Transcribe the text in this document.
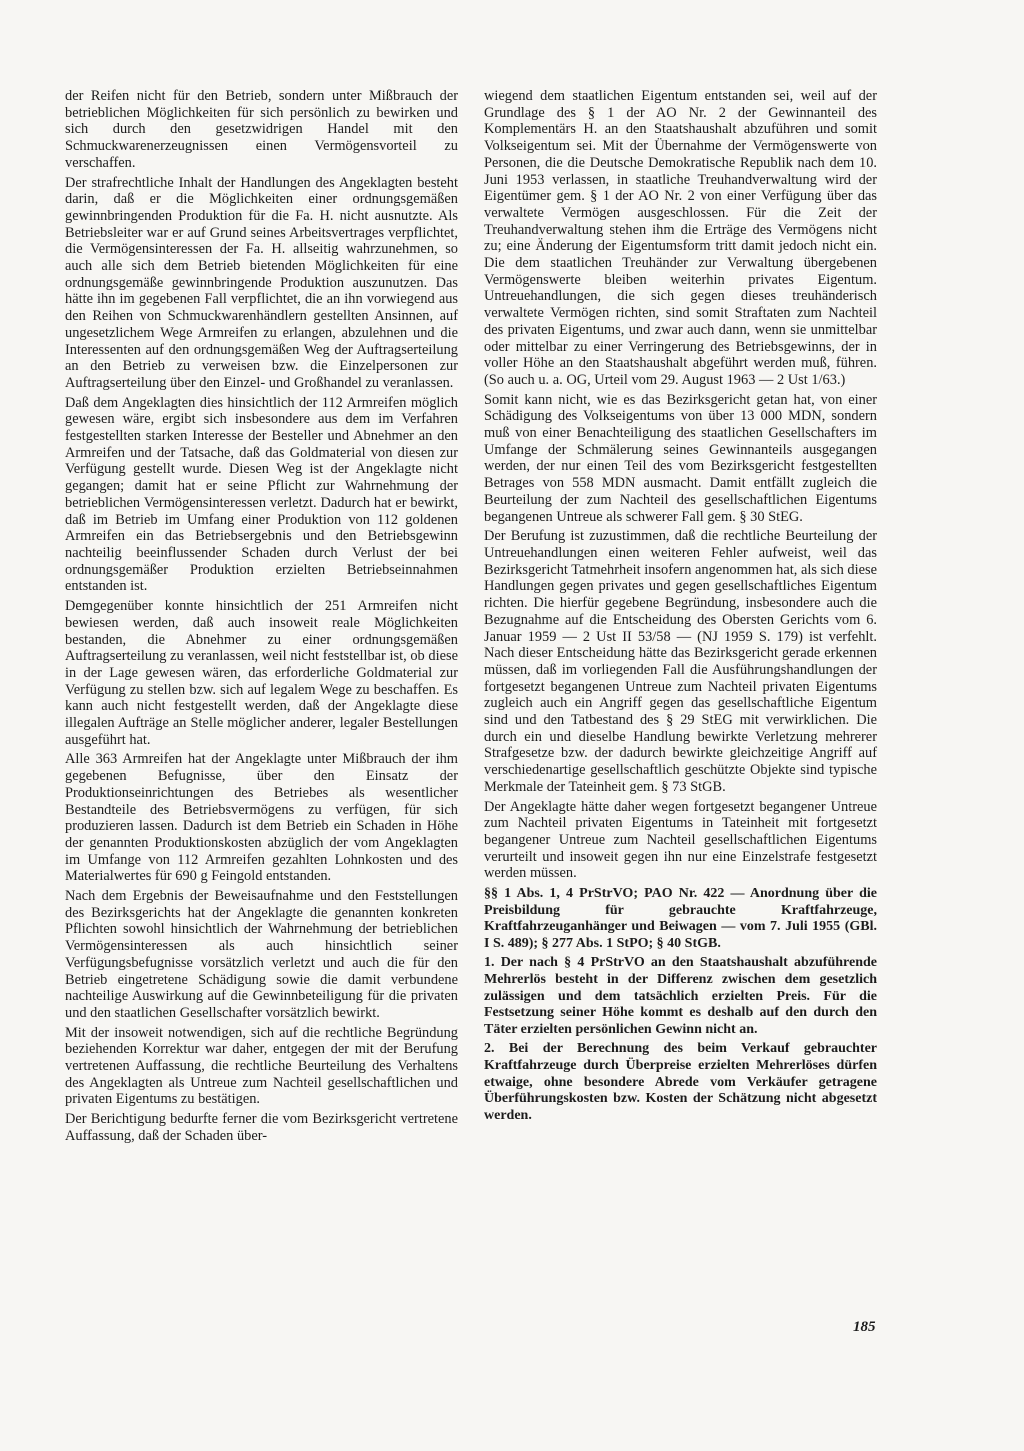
der Reifen nicht für den Betrieb, sondern unter Mißbrauch der betrieblichen Möglichkeiten für sich persönlich zu bewirken und sich durch den gesetzwidrigen Handel mit den Schmuckwarenerzeugnissen einen Vermögensvorteil zu verschaffen.

Der strafrechtliche Inhalt der Handlungen des Angeklagten besteht darin, daß er die Möglichkeiten einer ordnungsgemäßen gewinnbringenden Produktion für die Fa. H. nicht ausnutzte. Als Betriebsleiter war er auf Grund seines Arbeitsvertrages verpflichtet, die Vermögensinteressen der Fa. H. allseitig wahrzunehmen, so auch alle sich dem Betrieb bietenden Möglichkeiten für eine ordnungsgemäße gewinnbringende Produktion auszunutzen. Das hätte ihn im gegebenen Fall verpflichtet, die an ihn vorwiegend aus den Reihen von Schmuckwarenhändlern gestellten Ansinnen, auf ungesetzlichem Wege Armreifen zu erlangen, abzulehnen und die Interessenten auf den ordnungsgemäßen Weg der Auftragserteilung an den Betrieb zu verweisen bzw. die Einzelpersonen zur Auftragserteilung über den Einzel- und Großhandel zu veranlassen.

Daß dem Angeklagten dies hinsichtlich der 112 Armreifen möglich gewesen wäre, ergibt sich insbesondere aus dem im Verfahren festgestellten starken Interesse der Besteller und Abnehmer an den Armreifen und der Tatsache, daß das Goldmaterial von diesen zur Verfügung gestellt wurde. Diesen Weg ist der Angeklagte nicht gegangen; damit hat er seine Pflicht zur Wahrnehmung der betrieblichen Vermögensinteressen verletzt. Dadurch hat er bewirkt, daß im Betrieb im Umfang einer Produktion von 112 goldenen Armreifen ein das Betriebsergebnis und den Betriebsgewinn nachteilig beeinflussender Schaden durch Verlust der bei ordnungsgemäßer Produktion erzielten Betriebseinnahmen entstanden ist.

Demgegenüber konnte hinsichtlich der 251 Armreifen nicht bewiesen werden, daß auch insoweit reale Möglichkeiten bestanden, die Abnehmer zu einer ordnungsgemäßen Auftragserteilung zu veranlassen, weil nicht feststellbar ist, ob diese in der Lage gewesen wären, das erforderliche Goldmaterial zur Verfügung zu stellen bzw. sich auf legalem Wege zu beschaffen. Es kann auch nicht festgestellt werden, daß der Angeklagte diese illegalen Aufträge an Stelle möglicher anderer, legaler Bestellungen ausgeführt hat.

Alle 363 Armreifen hat der Angeklagte unter Mißbrauch der ihm gegebenen Befugnisse, über den Einsatz der Produktionseinrichtungen des Betriebes als wesentlicher Bestandteile des Betriebsvermögens zu verfügen, für sich produzieren lassen. Dadurch ist dem Betrieb ein Schaden in Höhe der genannten Produktionskosten abzüglich der vom Angeklagten im Umfange von 112 Armreifen gezahlten Lohnkosten und des Materialwertes für 690 g Feingold entstanden.

Nach dem Ergebnis der Beweisaufnahme und den Feststellungen des Bezirksgerichts hat der Angeklagte die genannten konkreten Pflichten sowohl hinsichtlich der Wahrnehmung der betrieblichen Vermögensinteressen als auch hinsichtlich seiner Verfügungsbefugnisse vorsätzlich verletzt und auch die für den Betrieb eingetretene Schädigung sowie die damit verbundene nachteilige Auswirkung auf die Gewinnbeteiligung für die privaten und den staatlichen Gesellschafter vorsätzlich bewirkt.

Mit der insoweit notwendigen, sich auf die rechtliche Begründung beziehenden Korrektur war daher, entgegen der mit der Berufung vertretenen Auffassung, die rechtliche Beurteilung des Verhaltens des Angeklagten als Untreue zum Nachteil gesellschaftlichen und privaten Eigentums zu bestätigen.

Der Berichtigung bedurfte ferner die vom Bezirksgericht vertretene Auffassung, daß der Schaden über-

wiegend dem staatlichen Eigentum entstanden sei, weil auf der Grundlage des § 1 der AO Nr. 2 der Gewinnanteil des Komplementärs H. an den Staatshaushalt abzuführen und somit Volkseigentum sei. Mit der Übernahme der Vermögenswerte von Personen, die die Deutsche Demokratische Republik nach dem 10. Juni 1953 verlassen, in staatliche Treuhandverwaltung wird der Eigentümer gem. § 1 der AO Nr. 2 von einer Verfügung über das verwaltete Vermögen ausgeschlossen. Für die Zeit der Treuhandverwaltung stehen ihm die Erträge des Vermögens nicht zu; eine Änderung der Eigentumsform tritt damit jedoch nicht ein. Die dem staatlichen Treuhänder zur Verwaltung übergebenen Vermögenswerte bleiben weiterhin privates Eigentum. Untreuehandlungen, die sich gegen dieses treuhänderisch verwaltete Vermögen richten, sind somit Straftaten zum Nachteil des privaten Eigentums, und zwar auch dann, wenn sie unmittelbar oder mittelbar zu einer Verringerung des Betriebsgewinns, der in voller Höhe an den Staatshaushalt abgeführt werden muß, führen. (So auch u. a. OG, Urteil vom 29. August 1963 — 2 Ust 1/63.)

Somit kann nicht, wie es das Bezirksgericht getan hat, von einer Schädigung des Volkseigentums von über 13 000 MDN, sondern muß von einer Benachteiligung des staatlichen Gesellschafters im Umfange der Schmälerung seines Gewinnanteils ausgegangen werden, der nur einen Teil des vom Bezirksgericht festgestellten Betrages von 558 MDN ausmacht. Damit entfällt zugleich die Beurteilung der zum Nachteil des gesellschaftlichen Eigentums begangenen Untreue als schwerer Fall gem. § 30 StEG.

Der Berufung ist zuzustimmen, daß die rechtliche Beurteilung der Untreuehandlungen einen weiteren Fehler aufweist, weil das Bezirksgericht Tatmehrheit insofern angenommen hat, als sich diese Handlungen gegen privates und gegen gesellschaftliches Eigentum richten. Die hierfür gegebene Begründung, insbesondere auch die Bezugnahme auf die Entscheidung des Obersten Gerichts vom 6. Januar 1959 — 2 Ust II 53/58 — (NJ 1959 S. 179) ist verfehlt. Nach dieser Entscheidung hätte das Bezirksgericht gerade erkennen müssen, daß im vorliegenden Fall die Ausführungshandlungen der fortgesetzt begangenen Untreue zum Nachteil privaten Eigentums zugleich auch ein Angriff gegen das gesellschaftliche Eigentum sind und den Tatbestand des § 29 StEG mit verwirklichen. Die durch ein und dieselbe Handlung bewirkte Verletzung mehrerer Strafgesetze bzw. der dadurch bewirkte gleichzeitige Angriff auf verschiedenartige gesellschaftlich geschützte Objekte sind typische Merkmale der Tateinheit gem. § 73 StGB.

Der Angeklagte hätte daher wegen fortgesetzt begangener Untreue zum Nachteil privaten Eigentums in Tateinheit mit fortgesetzt begangener Untreue zum Nachteil gesellschaftlichen Eigentums verurteilt und insoweit gegen ihn nur eine Einzelstrafe festgesetzt werden müssen.

§§ 1 Abs. 1, 4 PrStrVO; PAO Nr. 422 — Anordnung über die Preisbildung für gebrauchte Kraftfahrzeuge, Kraftfahrzeuganhänger und Beiwagen — vom 7. Juli 1955 (GBl. I S. 489); § 277 Abs. 1 StPO; § 40 StGB.

1. Der nach § 4 PrStrVO an den Staatshaushalt abzuführende Mehrerlös besteht in der Differenz zwischen dem gesetzlich zulässigen und dem tatsächlich erzielten Preis. Für die Festsetzung seiner Höhe kommt es deshalb auf den durch den Täter erzielten persönlichen Gewinn nicht an.

2. Bei der Berechnung des beim Verkauf gebrauchter Kraftfahrzeuge durch Überpreise erzielten Mehrerlöses dürfen etwaige, ohne besondere Abrede vom Verkäufer getragene Überführungskosten bzw. Kosten der Schätzung nicht abgesetzt werden.

185
